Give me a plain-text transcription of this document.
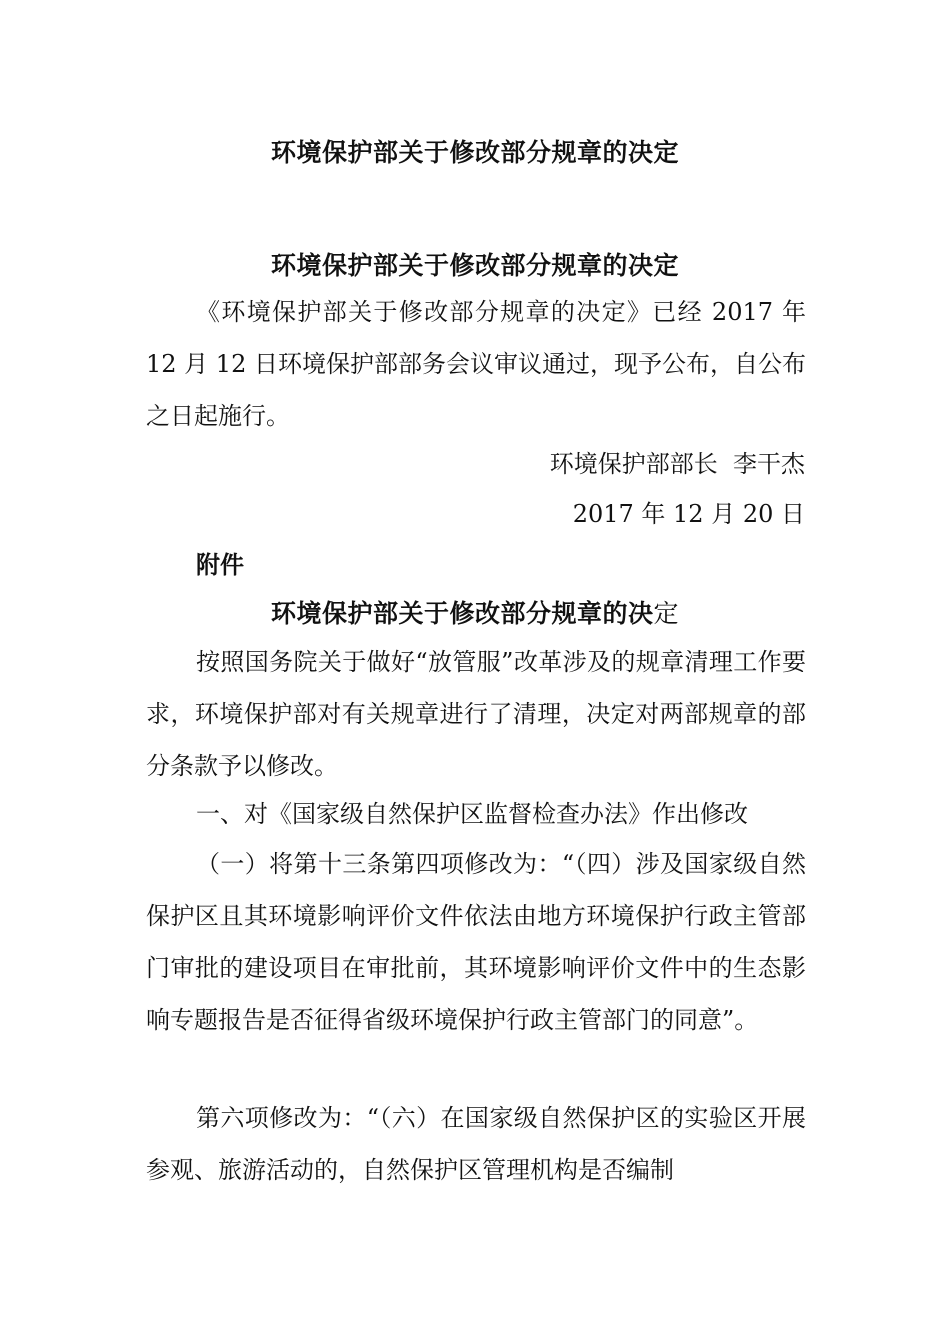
环境保护部关于修改部分规章的决定
环境保护部关于修改部分规章的决定

《环境保护部关于修改部分规章的决定》已经 2017 年 12 月 12 日环境保护部部务会议审议通过，现予公布，自公布之日起施行。

环境保护部部长  李干杰

2017 年 12 月 20 日

附件

环境保护部关于修改部分规章的决定

按照国务院关于做好“放管服”改革涉及的规章清理工作要求，环境保护部对有关规章进行了清理，决定对两部规章的部分条款予以修改。

一、对《国家级自然保护区监督检查办法》作出修改

（一）将第十三条第四项修改为：“（四）涉及国家级自然保护区且其环境影响评价文件依法由地方环境保护行政主管部门审批的建设项目在审批前，其环境影响评价文件中的生态影响专题报告是否征得省级环境保护行政主管部门的同意”。

第六项修改为：“（六）在国家级自然保护区的实验区开展参观、旅游活动的，自然保护区管理机构是否编制
